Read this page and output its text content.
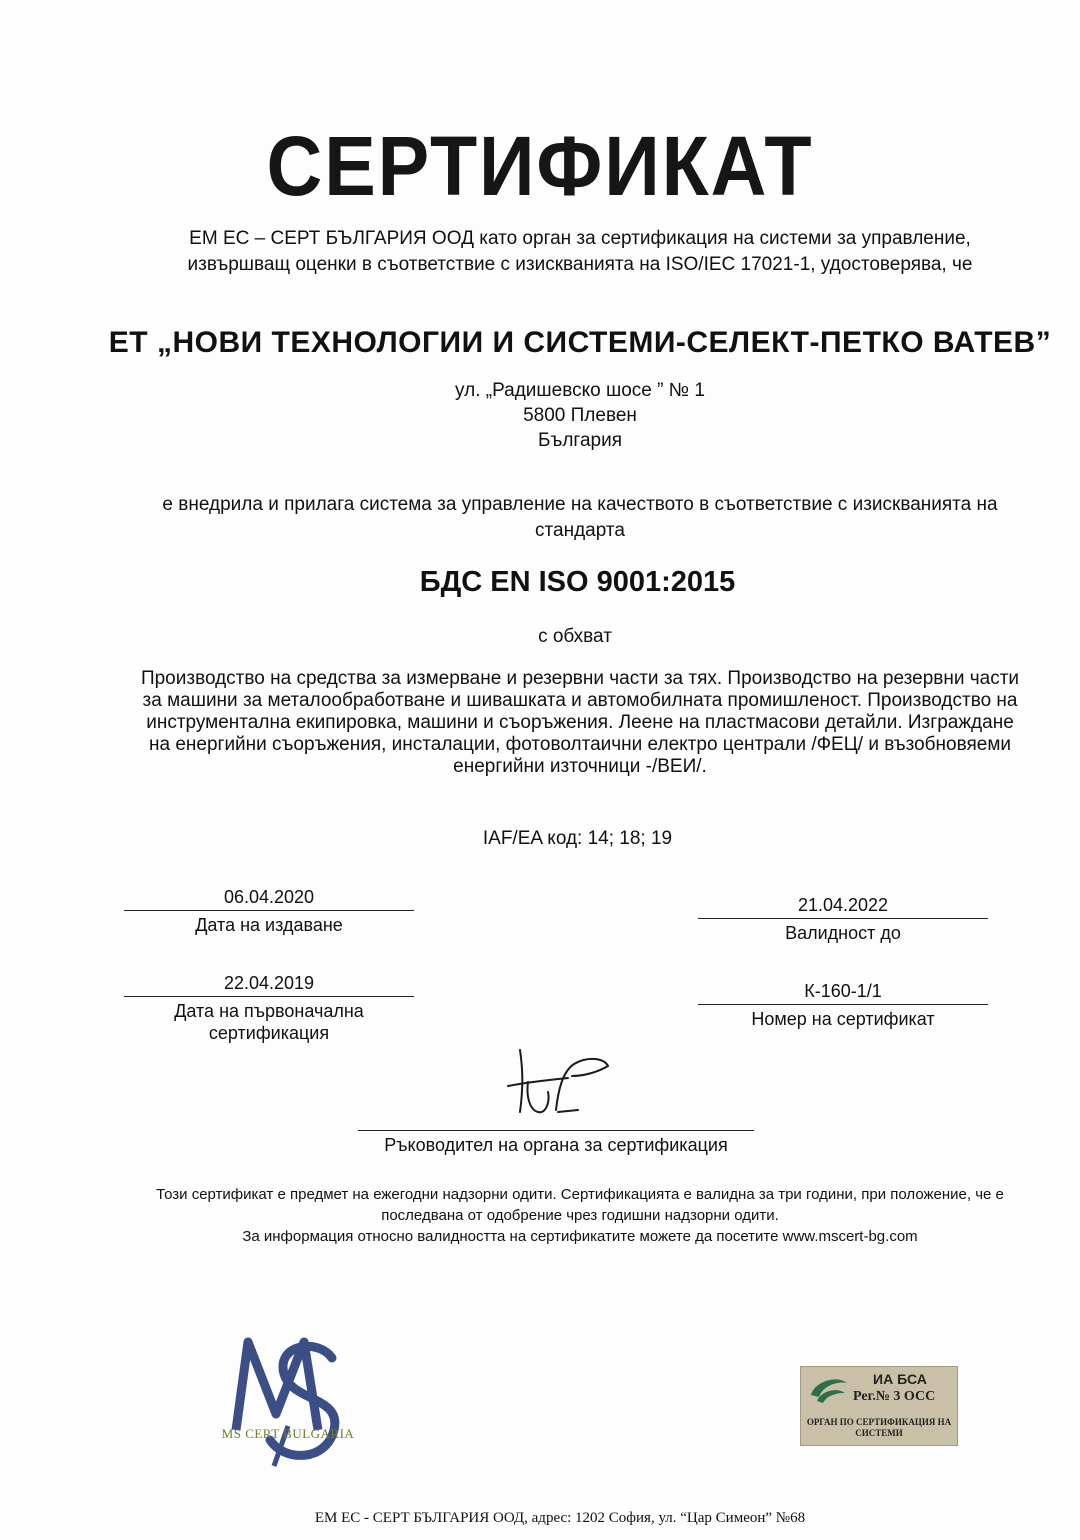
СЕРТИФИКАТ
ЕМ ЕС – СЕРТ БЪЛГАРИЯ ООД като орган за сертификация на системи за управление, извършващ оценки в съответствие с изискванията на ISO/IEC 17021-1, удостоверява, че
ЕТ „НОВИ ТЕХНОЛОГИИ И СИСТЕМИ-СЕЛЕКТ-ПЕТКО ВАТЕВ”
ул. „Радишевско шосе ” № 1
5800 Плевен
България
е внедрила и прилага система за управление на качеството в съответствие с изискванията на стандарта
БДС EN ISO 9001:2015
с обхват
Производство на средства за измерване и резервни части за тях. Производство на резервни части за машини за металообработване и шивашката и автомобилната промишленост. Производство на инструментална екипировка, машини и съоръжения. Леене на пластмасови детайли. Изграждане на енергийни съоръжения, инсталации, фотоволтаични електро централи /ФЕЦ/ и възобновяеми енергийни източници -/ВЕИ/.
IAF/EA код: 14; 18; 19
06.04.2020
Дата на издаване
21.04.2022
Валидност до
22.04.2019
Дата на първоначална сертификация
К-160-1/1
Номер на сертификат
Ръководител на органа за сертификация
Този сертификат е предмет на ежегодни надзорни одити. Сертификацията е валидна за три години, при положение, че е последвана от одобрение чрез годишни надзорни одити.
За информация относно валидността на сертификатите можете да посетите www.mscert-bg.com
MS CERT BULGARIA
ИА БСА
Рег.№ 3 ОСС
ОРГАН ПО СЕРТИФИКАЦИЯ НА СИСТЕМИ
ЕМ ЕС - СЕРТ БЪЛГАРИЯ ООД, адрес: 1202 София, ул. “Цар Симеон” №68
